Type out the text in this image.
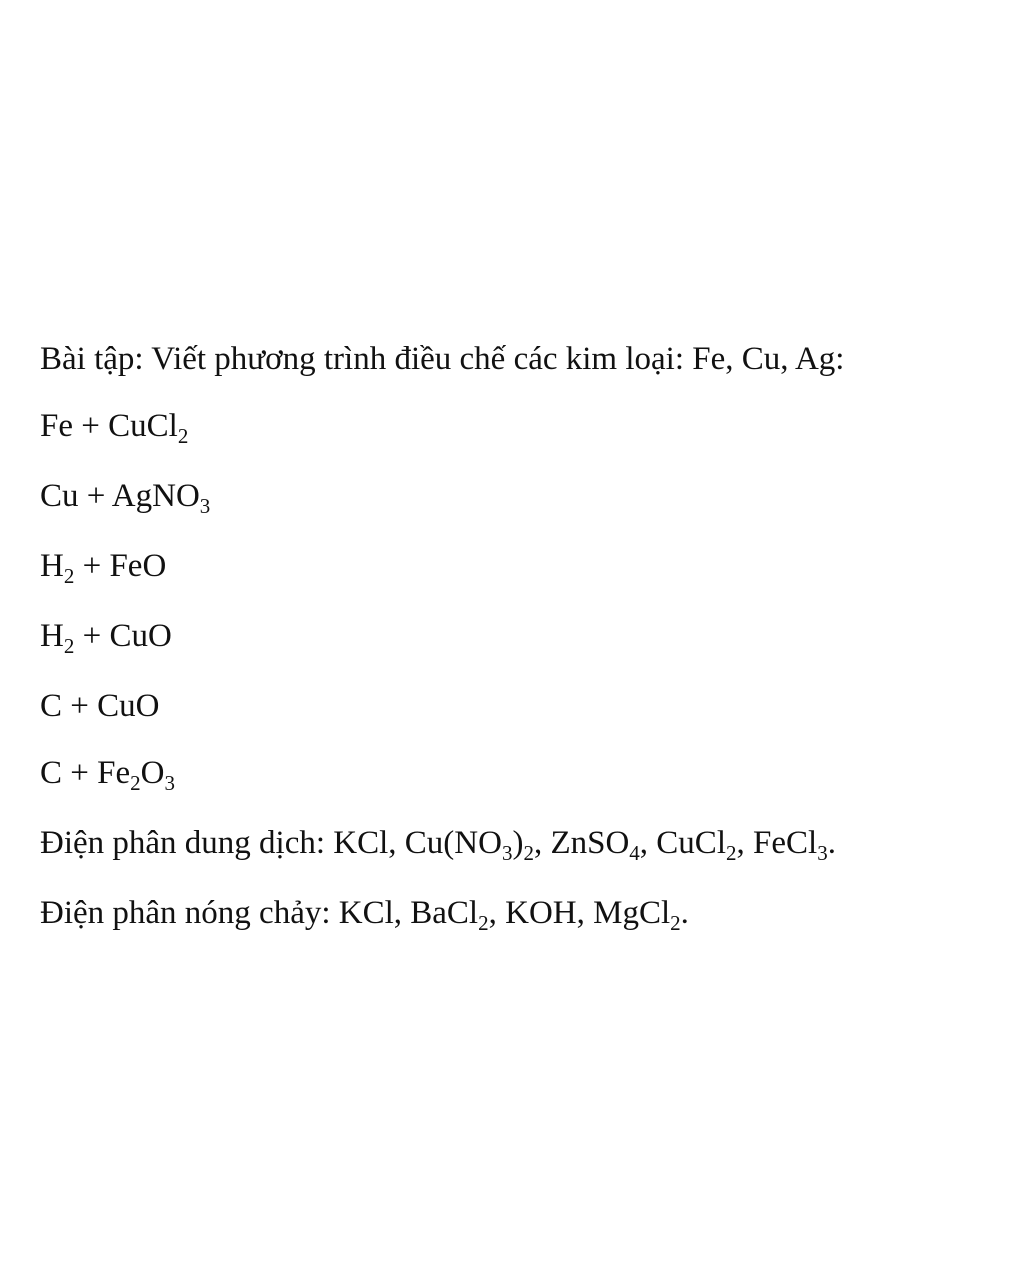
Bài tập: Viết phương trình điều chế các kim loại: Fe, Cu, Ag:
Fe + CuCl$_2$
Cu + AgNO$_3$
$H_2$ + FeO
$H_2$ + CuO
C + CuO
$C + Fe_2O_3$
Điện phân dung dịch: KCl, $Cu(NO_3)_2$, ZnSO$_4$, CuCl$_2$, FeCl$_3$.
Điện phân nóng chảy: KCl, BaCl$_2$, KOH, MgCl$_2$.
